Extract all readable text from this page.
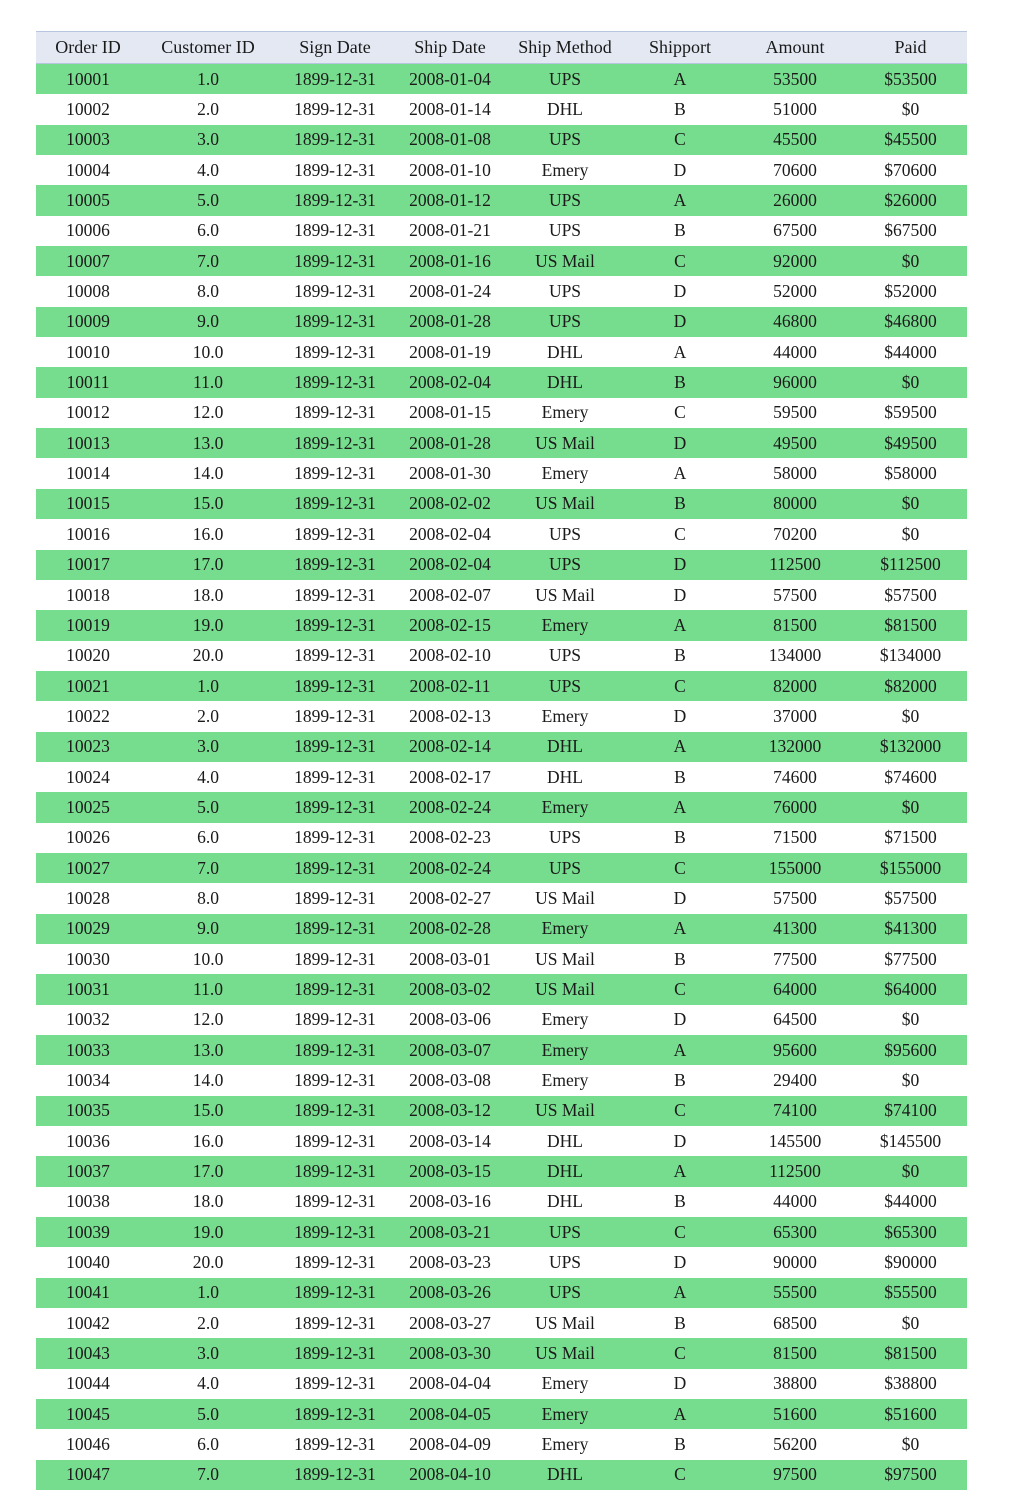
Order ID	Customer ID	Sign Date	Ship Date	Ship Method	Shipport	Amount	Paid
10001	1.0	1899-12-31	2008-01-04	UPS	A	53500	$53500
10002	2.0	1899-12-31	2008-01-14	DHL	B	51000	$0
10003	3.0	1899-12-31	2008-01-08	UPS	C	45500	$45500
10004	4.0	1899-12-31	2008-01-10	Emery	D	70600	$70600
10005	5.0	1899-12-31	2008-01-12	UPS	A	26000	$26000
10006	6.0	1899-12-31	2008-01-21	UPS	B	67500	$67500
10007	7.0	1899-12-31	2008-01-16	US Mail	C	92000	$0
10008	8.0	1899-12-31	2008-01-24	UPS	D	52000	$52000
10009	9.0	1899-12-31	2008-01-28	UPS	D	46800	$46800
10010	10.0	1899-12-31	2008-01-19	DHL	A	44000	$44000
10011	11.0	1899-12-31	2008-02-04	DHL	B	96000	$0
10012	12.0	1899-12-31	2008-01-15	Emery	C	59500	$59500
10013	13.0	1899-12-31	2008-01-28	US Mail	D	49500	$49500
10014	14.0	1899-12-31	2008-01-30	Emery	A	58000	$58000
10015	15.0	1899-12-31	2008-02-02	US Mail	B	80000	$0
10016	16.0	1899-12-31	2008-02-04	UPS	C	70200	$0
10017	17.0	1899-12-31	2008-02-04	UPS	D	112500	$112500
10018	18.0	1899-12-31	2008-02-07	US Mail	D	57500	$57500
10019	19.0	1899-12-31	2008-02-15	Emery	A	81500	$81500
10020	20.0	1899-12-31	2008-02-10	UPS	B	134000	$134000
10021	1.0	1899-12-31	2008-02-11	UPS	C	82000	$82000
10022	2.0	1899-12-31	2008-02-13	Emery	D	37000	$0
10023	3.0	1899-12-31	2008-02-14	DHL	A	132000	$132000
10024	4.0	1899-12-31	2008-02-17	DHL	B	74600	$74600
10025	5.0	1899-12-31	2008-02-24	Emery	A	76000	$0
10026	6.0	1899-12-31	2008-02-23	UPS	B	71500	$71500
10027	7.0	1899-12-31	2008-02-24	UPS	C	155000	$155000
10028	8.0	1899-12-31	2008-02-27	US Mail	D	57500	$57500
10029	9.0	1899-12-31	2008-02-28	Emery	A	41300	$41300
10030	10.0	1899-12-31	2008-03-01	US Mail	B	77500	$77500
10031	11.0	1899-12-31	2008-03-02	US Mail	C	64000	$64000
10032	12.0	1899-12-31	2008-03-06	Emery	D	64500	$0
10033	13.0	1899-12-31	2008-03-07	Emery	A	95600	$95600
10034	14.0	1899-12-31	2008-03-08	Emery	B	29400	$0
10035	15.0	1899-12-31	2008-03-12	US Mail	C	74100	$74100
10036	16.0	1899-12-31	2008-03-14	DHL	D	145500	$145500
10037	17.0	1899-12-31	2008-03-15	DHL	A	112500	$0
10038	18.0	1899-12-31	2008-03-16	DHL	B	44000	$44000
10039	19.0	1899-12-31	2008-03-21	UPS	C	65300	$65300
10040	20.0	1899-12-31	2008-03-23	UPS	D	90000	$90000
10041	1.0	1899-12-31	2008-03-26	UPS	A	55500	$55500
10042	2.0	1899-12-31	2008-03-27	US Mail	B	68500	$0
10043	3.0	1899-12-31	2008-03-30	US Mail	C	81500	$81500
10044	4.0	1899-12-31	2008-04-04	Emery	D	38800	$38800
10045	5.0	1899-12-31	2008-04-05	Emery	A	51600	$51600
10046	6.0	1899-12-31	2008-04-09	Emery	B	56200	$0
10047	7.0	1899-12-31	2008-04-10	DHL	C	97500	$97500
